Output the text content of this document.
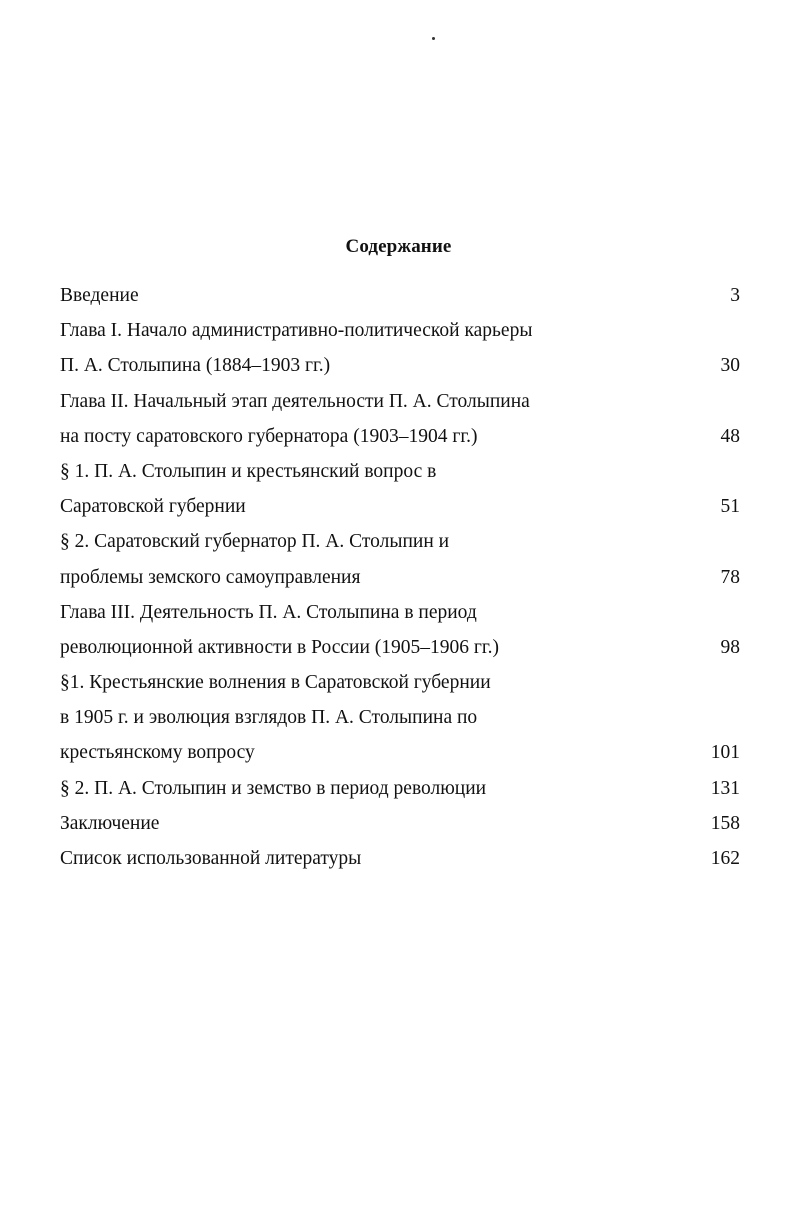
Содержание
Введение	3
Глава I. Начало административно-политической карьеры
П. А. Столыпина (1884–1903 гг.)	30
Глава II. Начальный этап деятельности П. А. Столыпина
на посту саратовского губернатора (1903–1904 гг.)	48
§ 1. П. А. Столыпин и крестьянский вопрос в
Саратовской губернии	51
§ 2. Саратовский губернатор П. А. Столыпин и
проблемы земского самоуправления	78
Глава III. Деятельность П. А. Столыпина в период
революционной активности в России (1905–1906 гг.)	98
§1. Крестьянские волнения в Саратовской губернии
в 1905 г. и эволюция взглядов П. А. Столыпина по
крестьянскому вопросу	101
§ 2. П. А. Столыпин и земство в период революции	131
Заключение	158
Список использованной литературы	162
